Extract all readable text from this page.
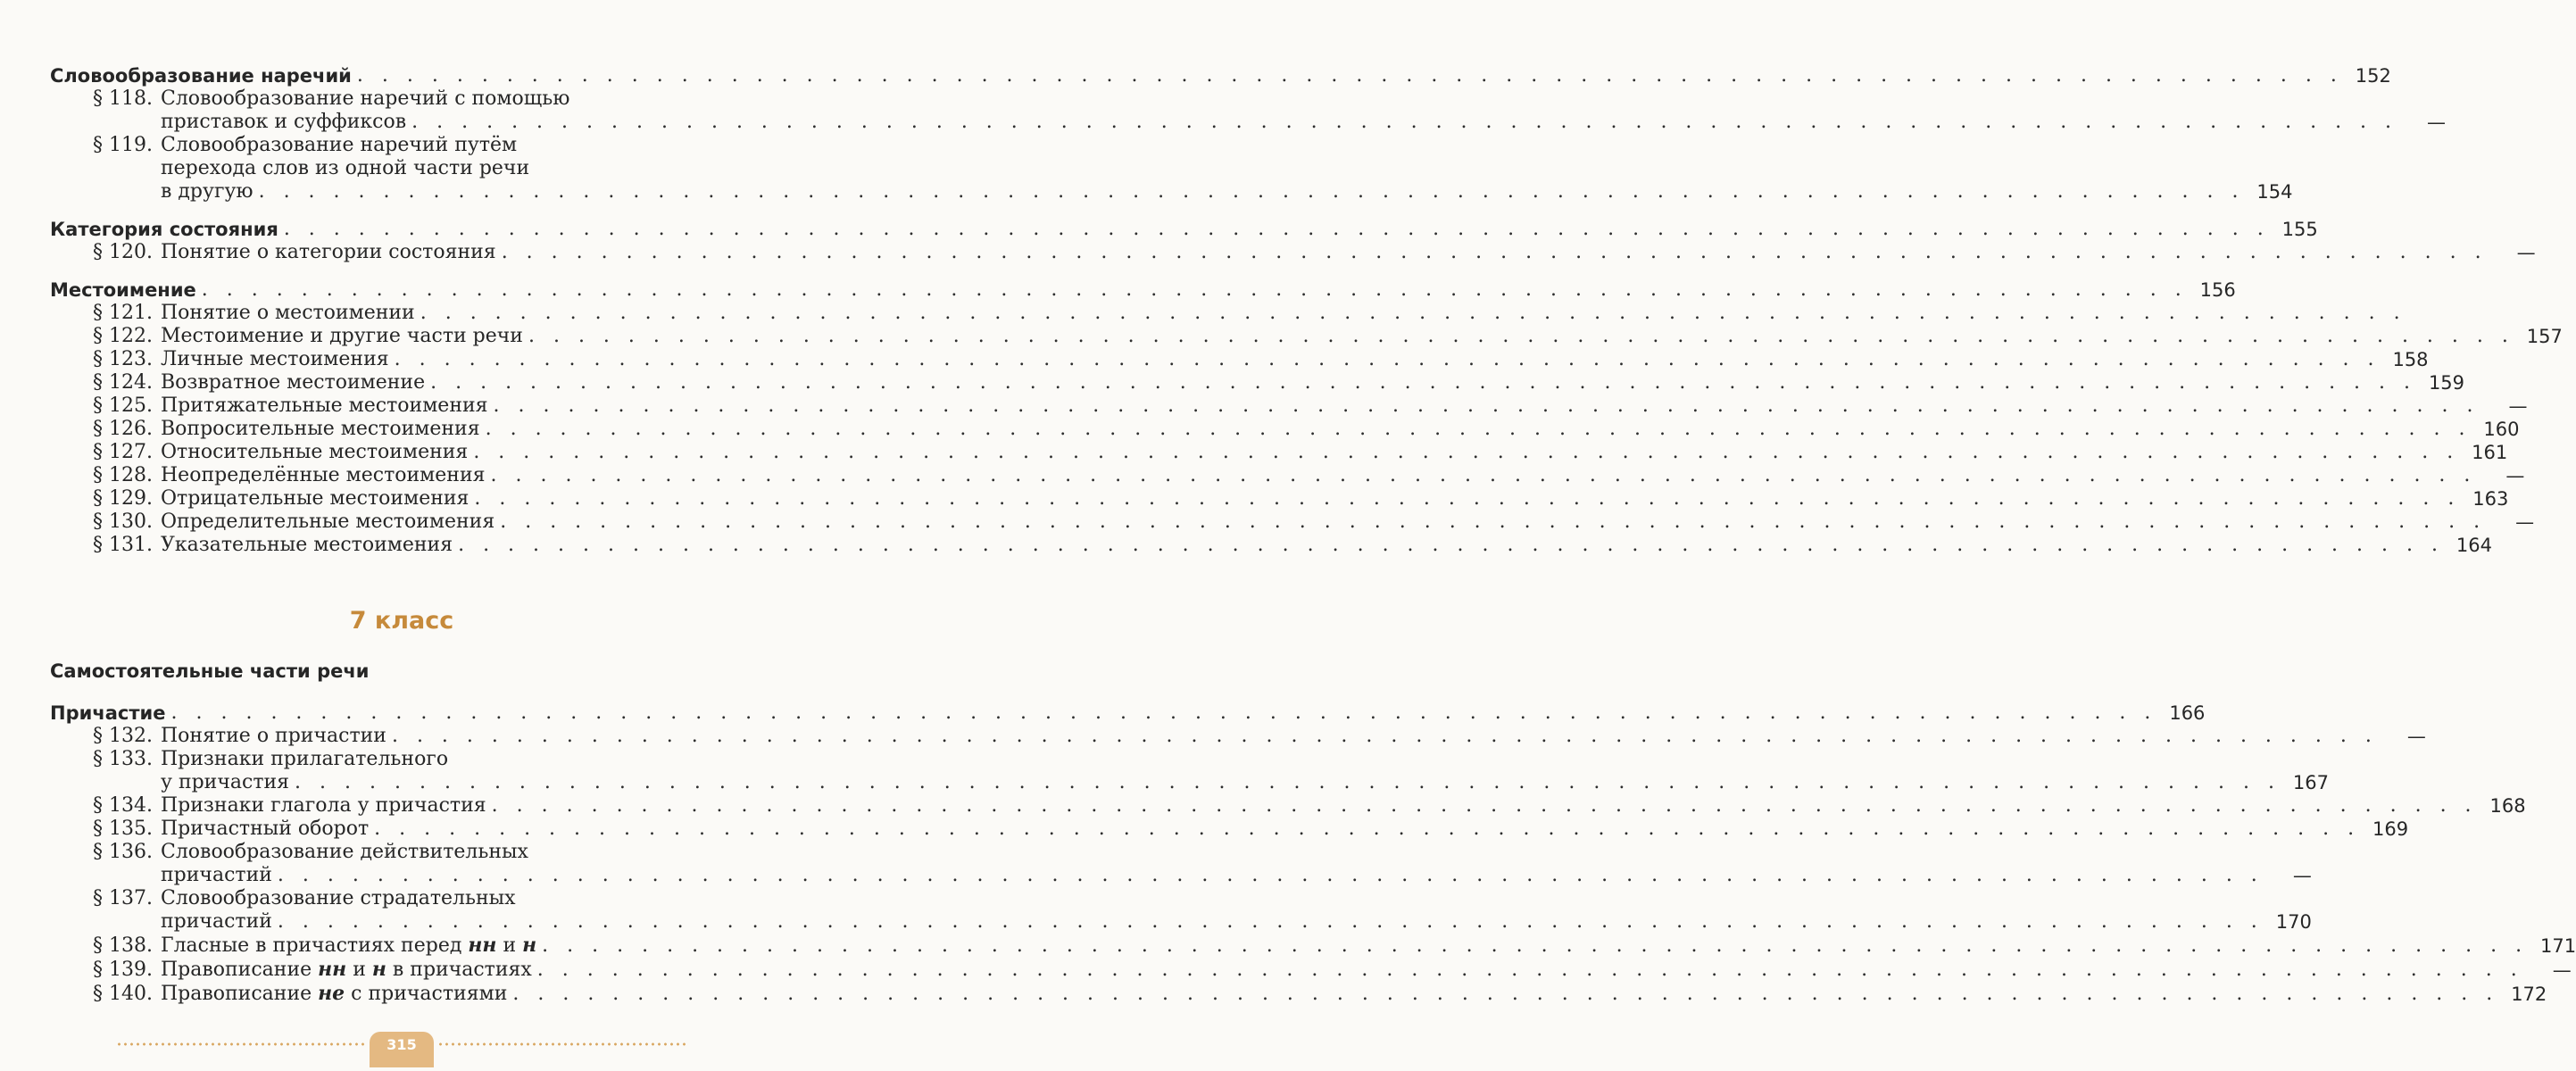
Словообразование наречий . . . . . . . . . . . . . . . . . . . . . . . . . . . . . . . . . . . . . . . . . . . . . . . . . . . . . . . . . . . . . . . . . . . . . . . . . . . . . . . . 152
§ 118. Словообразование наречий с помощью
приставок и суффиксов . . . . . . . . . . . . . . . . . . . . . . . . . . . . . . . . . . . . . . . . . . . . . . . . . . . . . . . . . . . . . . . . . . . . . . . . . . . . . . . .	—
§ 119. Словообразование наречий путём
перехода слов из одной части речи
в другую . . . . . . . . . . . . . . . . . . . . . . . . . . . . . . . . . . . . . . . . . . . . . . . . . . . . . . . . . . . . . . . . . . . . . . . . . . . . . . . . 154
Категория состояния . . . . . . . . . . . . . . . . . . . . . . . . . . . . . . . . . . . . . . . . . . . . . . . . . . . . . . . . . . . . . . . . . . . . . . . . . . . . . . . . 155
§ 120. Понятие о категории состояния . . . . . . . . . . . . . . . . . . . . . . . . . . . . . . . . . . . . . . . . . . . . . . . . . . . . . . . . . . . . . . . . . . . . . . . . . . . . . . . .	—
Местоимение . . . . . . . . . . . . . . . . . . . . . . . . . . . . . . . . . . . . . . . . . . . . . . . . . . . . . . . . . . . . . . . . . . . . . . . . . . . . . . . . 156
§ 121. Понятие о местоимении . . . . . . . . . . . . . . . . . . . . . . . . . . . . . . . . . . . . . . . . . . . . . . . . . . . . . . . . . . . . . . . . . . . . . . . . . . . . . . . .
§ 122. Местоимение и другие части речи . . . . . . . . . . . . . . . . . . . . . . . . . . . . . . . . . . . . . . . . . . . . . . . . . . . . . . . . . . . . . . . . . . . . . . . . . . . . . . . . 157
§ 123. Личные местоимения . . . . . . . . . . . . . . . . . . . . . . . . . . . . . . . . . . . . . . . . . . . . . . . . . . . . . . . . . . . . . . . . . . . . . . . . . . . . . . . . 158
§ 124. Возвратное местоимение . . . . . . . . . . . . . . . . . . . . . . . . . . . . . . . . . . . . . . . . . . . . . . . . . . . . . . . . . . . . . . . . . . . . . . . . . . . . . . . . 159
§ 125. Притяжательные местоимения . . . . . . . . . . . . . . . . . . . . . . . . . . . . . . . . . . . . . . . . . . . . . . . . . . . . . . . . . . . . . . . . . . . . . . . . . . . . . . . .	—
§ 126. Вопросительные местоимения . . . . . . . . . . . . . . . . . . . . . . . . . . . . . . . . . . . . . . . . . . . . . . . . . . . . . . . . . . . . . . . . . . . . . . . . . . . . . . . . 160
§ 127. Относительные местоимения . . . . . . . . . . . . . . . . . . . . . . . . . . . . . . . . . . . . . . . . . . . . . . . . . . . . . . . . . . . . . . . . . . . . . . . . . . . . . . . . 161
§ 128. Неопределённые местоимения . . . . . . . . . . . . . . . . . . . . . . . . . . . . . . . . . . . . . . . . . . . . . . . . . . . . . . . . . . . . . . . . . . . . . . . . . . . . . . . .	—
§ 129. Отрицательные местоимения . . . . . . . . . . . . . . . . . . . . . . . . . . . . . . . . . . . . . . . . . . . . . . . . . . . . . . . . . . . . . . . . . . . . . . . . . . . . . . . . 163
§ 130. Определительные местоимения . . . . . . . . . . . . . . . . . . . . . . . . . . . . . . . . . . . . . . . . . . . . . . . . . . . . . . . . . . . . . . . . . . . . . . . . . . . . . . . .	—
§ 131. Указательные местоимения . . . . . . . . . . . . . . . . . . . . . . . . . . . . . . . . . . . . . . . . . . . . . . . . . . . . . . . . . . . . . . . . . . . . . . . . . . . . . . . . 164
7 класс
Самостоятельные части речи
Причастие . . . . . . . . . . . . . . . . . . . . . . . . . . . . . . . . . . . . . . . . . . . . . . . . . . . . . . . . . . . . . . . . . . . . . . . . . . . . . . . . 166
§ 132. Понятие о причастии . . . . . . . . . . . . . . . . . . . . . . . . . . . . . . . . . . . . . . . . . . . . . . . . . . . . . . . . . . . . . . . . . . . . . . . . . . . . . . . .	—
§ 133. Признаки прилагательного
у причастия . . . . . . . . . . . . . . . . . . . . . . . . . . . . . . . . . . . . . . . . . . . . . . . . . . . . . . . . . . . . . . . . . . . . . . . . . . . . . . . . 167
§ 134. Признаки глагола у причастия . . . . . . . . . . . . . . . . . . . . . . . . . . . . . . . . . . . . . . . . . . . . . . . . . . . . . . . . . . . . . . . . . . . . . . . . . . . . . . . . 168
§ 135. Причастный оборот . . . . . . . . . . . . . . . . . . . . . . . . . . . . . . . . . . . . . . . . . . . . . . . . . . . . . . . . . . . . . . . . . . . . . . . . . . . . . . . . 169
§ 136. Словообразование действительных
причастий . . . . . . . . . . . . . . . . . . . . . . . . . . . . . . . . . . . . . . . . . . . . . . . . . . . . . . . . . . . . . . . . . . . . . . . . . . . . . . . .	—
§ 137. Словообразование страдательных
причастий . . . . . . . . . . . . . . . . . . . . . . . . . . . . . . . . . . . . . . . . . . . . . . . . . . . . . . . . . . . . . . . . . . . . . . . . . . . . . . . . 170
§ 138. Гласные в причастиях перед нн и н . . . . . . . . . . . . . . . . . . . . . . . . . . . . . . . . . . . . . . . . . . . . . . . . . . . . . . . . . . . . . . . . . . . . . . . . . . . . . . . . 171
§ 139. Правописание нн и н в причастиях . . . . . . . . . . . . . . . . . . . . . . . . . . . . . . . . . . . . . . . . . . . . . . . . . . . . . . . . . . . . . . . . . . . . . . . . . . . . . . . .	—
§ 140. Правописание не с причастиями . . . . . . . . . . . . . . . . . . . . . . . . . . . . . . . . . . . . . . . . . . . . . . . . . . . . . . . . . . . . . . . . . . . . . . . . . . . . . . . . 172
315
